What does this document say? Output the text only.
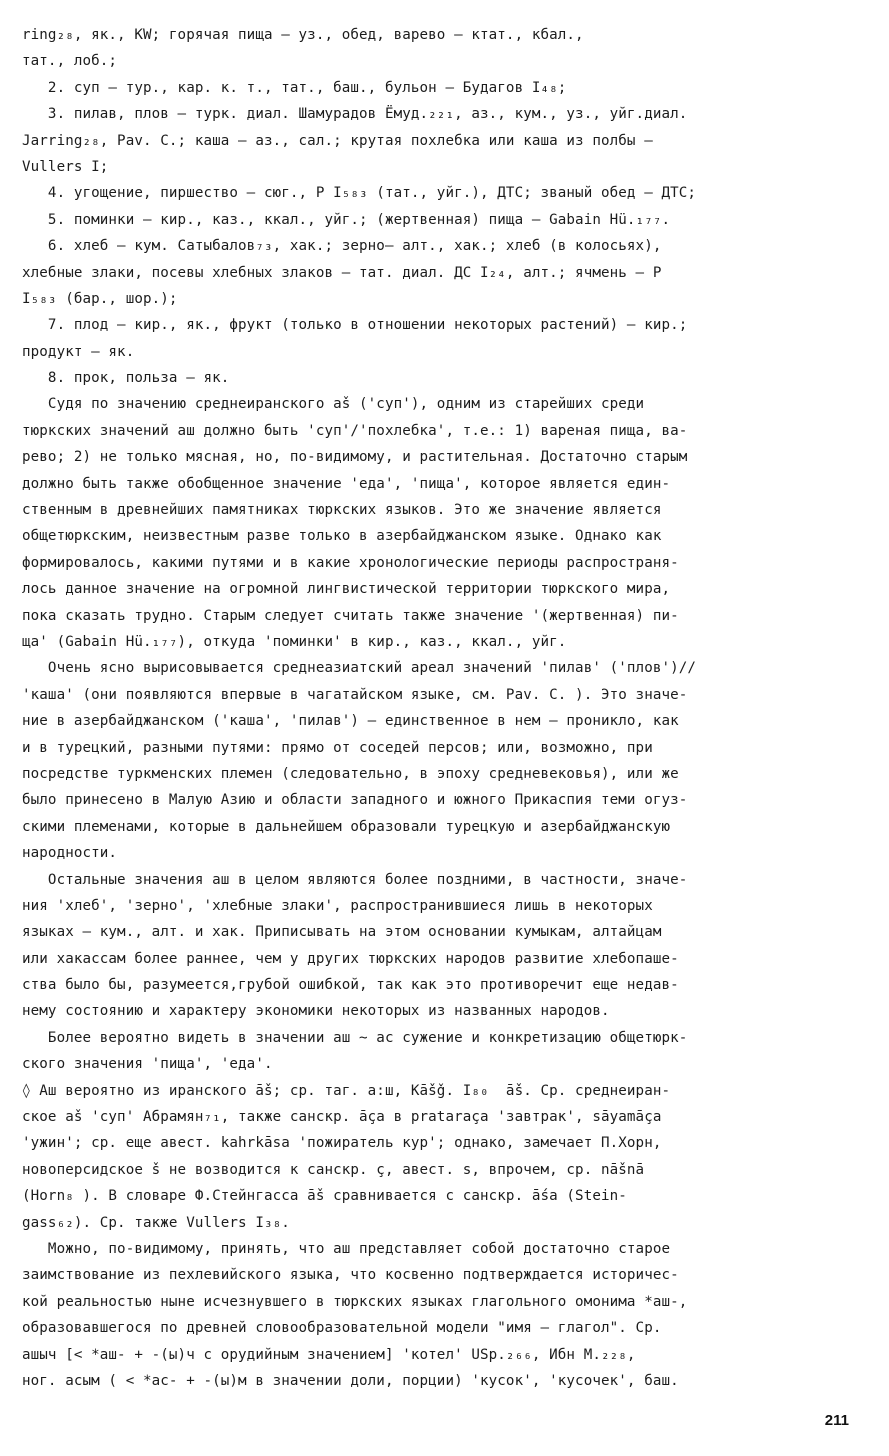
ring₂₈, як., KW; горячая пища – уз., обед, варево – ктат., кбал.,
тат., лоб.;
2. суп – тур., кар. к. т., тат., баш., бульон – Будагов I₄₈;
3. пилав, плов – турк. диал. Шамурадов Ёмуд.₂₂₁, аз., кум., уз., уйг.диал.
Jarring₂₈, Pav. C.; каша – аз., сал.; крутая похлебка или каша из полбы –
Vullers I;
4. угощение, пиршество – сюг., P I₅₈₃ (тат., уйг.), ДТС; званый обед – ДТС;
5. поминки – кир., каз., ккал., уйг.; (жертвенная) пища – Gabain Hü.₁₇₇.
6. хлеб – кум. Сатыбалов₇₃, хак.; зерно– алт., хак.; хлеб (в колосьях),
хлебные злаки, посевы хлебных злаков – тат. диал. ДС I₂₄, алт.; ячмень – Р
I₅₈₃ (бар., шор.);
7. плод – кир., як., фрукт (только в отношении некоторых растений) – кир.;
продукт – як.
8. прок, польза – як.
Судя по значению среднеиранского aš ('суп'), одним из старейших среди
тюркских значений аш должно быть 'суп'/'похлебка', т.е.: 1) вареная пища, ва-
рево; 2) не только мясная, но, по-видимому, и растительная. Достаточно старым
должно быть также обобщенное значение 'еда', 'пища', которое является един-
ственным в древнейших памятниках тюркских языков. Это же значение является
общетюркским, неизвестным разве только в азербайджанском языке. Однако как
формировалось, какими путями и в какие хронологические периоды распространя-
лось данное значение на огромной лингвистической территории тюркского мира,
пока сказать трудно. Старым следует считать также значение '(жертвенная) пи-
ща' (Gabain Hü.₁₇₇), откуда 'поминки' в кир., каз., ккал., уйг.
Очень ясно вырисовывается среднеазиатский ареал значений 'пилав' ('плов')//
'каша' (они появляются впервые в чагатайском языке, см. Pav. C. ). Это значе-
ние в азербайджанском ('каша', 'пилав') – единственное в нем – проникло, как
и в турецкий, разными путями: прямо от соседей персов; или, возможно, при
посредстве туркменских племен (следовательно, в эпоху средневековья), или же
было принесено в Малую Азию и области западного и южного Прикаспия теми огуз-
скими племенами, которые в дальнейшем образовали турецкую и азербайджанскую
народности.
Остальные значения аш в целом являются более поздними, в частности, значе-
ния 'хлеб', 'зерно', 'хлебные злаки', распространившиеся лишь в некоторых
языках – кум., алт. и хак. Приписывать на этом основании кумыкам, алтайцам
или хакассам более раннее, чем у других тюркских народов развитие хлебопаше-
ства было бы, разумеется,грубой ошибкой, так как это противоречит еще недав-
нему состоянию и характеру экономики некоторых из названных народов.
Более вероятно видеть в значении аш ~ ас сужение и конкретизацию общетюрк-
ского значения 'пища', 'еда'.
◊ Аш вероятно из иранского āš; ср. таг. а:ш, Kāšǧ. I₈₀  āš. Ср. среднеиран-
ское aš 'суп' Абрамян₇₁, также санскр. āça в prataraça 'завтрак', sāyamāça
'ужин'; ср. еще авест. kahrkāsa 'пожиратель кур'; однако, замечает П.Хорн,
новоперсидское š не возводится к санскр. ç, авест. s, впрочем, ср. nāšnā
(Horn₈ ). В словаре Ф.Стейнгасса āš сравнивается с санскр. āśa (Stein-
gass₆₂). Ср. также Vullers I₃₈.
Можно, по-видимому, принять, что аш представляет собой достаточно старое
заимствование из пехлевийского языка, что косвенно подтверждается историчес-
кой реальностью ныне исчезнувшего в тюркских языках глагольного омонима *аш-,
образовавшегося по древней словообразовательной модели "имя – глагол". Ср.
ашыч [< *аш- + -(ы)ч с орудийным значением] 'котел' USp.₂₆₆, Ибн М.₂₂₈,
ног. асым ( < *ас- + -(ы)м в значении доли, порции) 'кусок', 'кусочек', баш.
211
